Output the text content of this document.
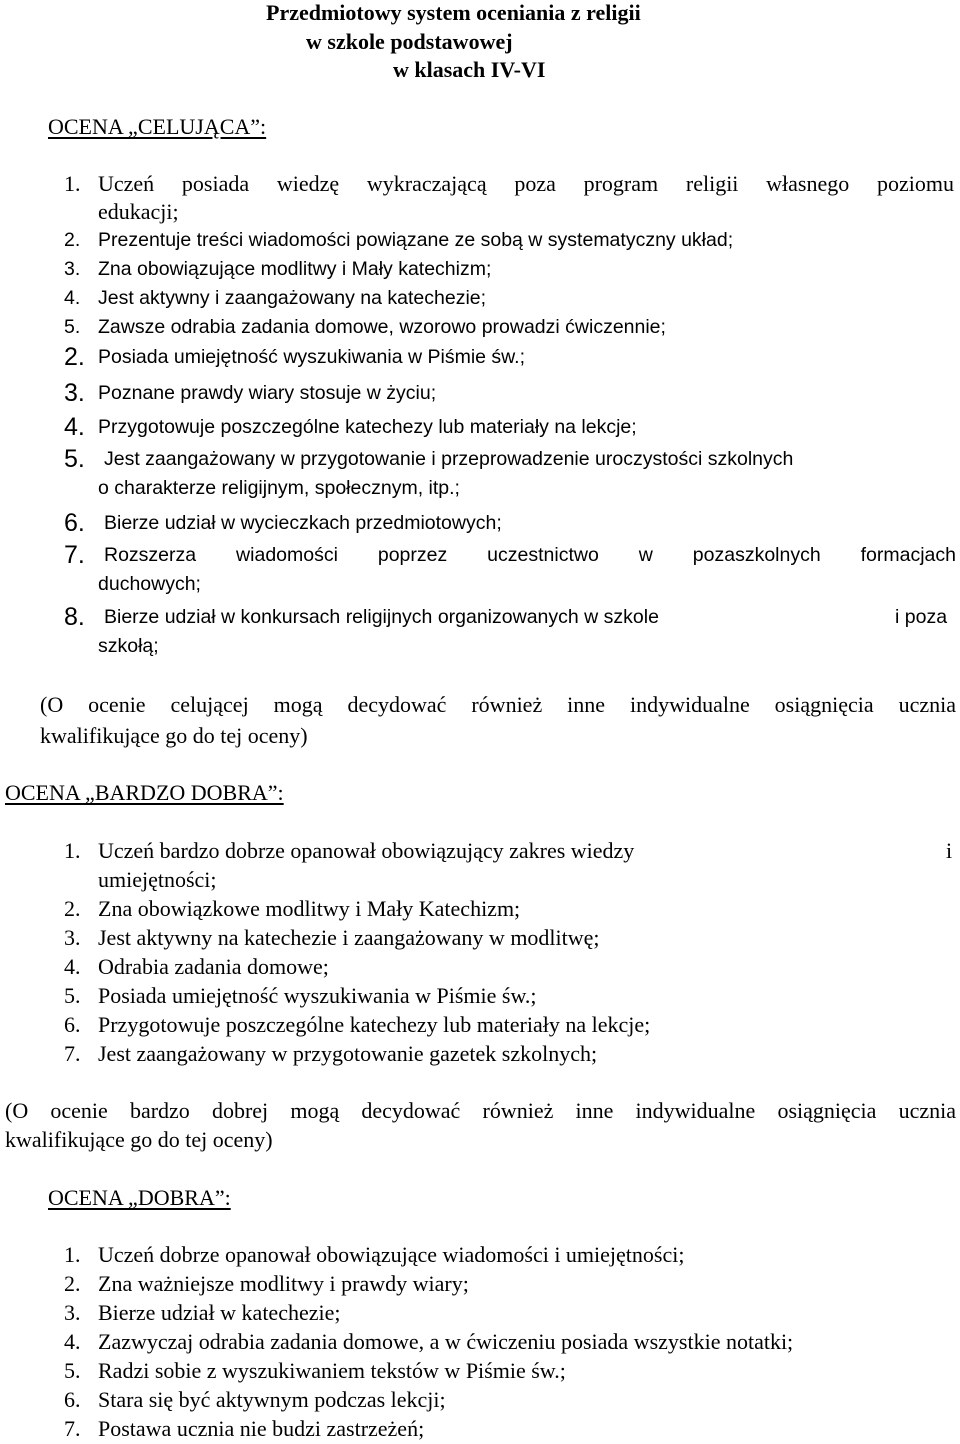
Przedmiotowy system oceniania z religii
w szkole podstawowej
w klasach IV-VI
OCENA „CELUJĄCA”:
1. Uczeń posiada wiedzę wykraczającą poza program religii własnego poziomu
edukacji;
2. Prezentuje treści wiadomości powiązane ze sobą w systematyczny układ;
3. Zna obowiązujące modlitwy i Mały katechizm;
4. Jest aktywny i zaangażowany na katechezie;
5. Zawsze odrabia zadania domowe, wzorowo prowadzi ćwiczennie;
2. Posiada umiejętność wyszukiwania w Piśmie św.;
3. Poznane prawdy wiary stosuje w życiu;
4. Przygotowuje poszczególne katechezy lub materiały na lekcje;
5. Jest zaangażowany w przygotowanie i przeprowadzenie uroczystości szkolnych
o charakterze religijnym, społecznym, itp.;
6. Bierze udział w wycieczkach przedmiotowych;
7. Rozszerza wiadomości poprzez uczestnictwo w pozaszkolnych formacjach
duchowych;
8. Bierze udział w konkursach religijnych organizowanych w szkole	i poza
szkołą;
(O ocenie celującej mogą decydować również inne indywidualne osiągnięcia ucznia
kwalifikujące go do tej oceny)
OCENA „BARDZO DOBRA”:
1. Uczeń bardzo dobrze opanował obowiązujący zakres wiedzy	i
umiejętności;
2. Zna obowiązkowe modlitwy i Mały Katechizm;
3. Jest aktywny na katechezie i zaangażowany w modlitwę;
4. Odrabia zadania domowe;
5. Posiada umiejętność wyszukiwania w Piśmie św.;
6. Przygotowuje poszczególne katechezy lub materiały na lekcje;
7. Jest zaangażowany w przygotowanie gazetek szkolnych;
(O ocenie bardzo dobrej mogą decydować również inne indywidualne osiągnięcia ucznia
kwalifikujące go do tej oceny)
OCENA „DOBRA”:
1. Uczeń dobrze opanował obowiązujące wiadomości i umiejętności;
2. Zna ważniejsze modlitwy i prawdy wiary;
3. Bierze udział w katechezie;
4. Zazwyczaj odrabia zadania domowe, a w ćwiczeniu posiada wszystkie notatki;
5. Radzi sobie z wyszukiwaniem tekstów w Piśmie św.;
6. Stara się być aktywnym podczas lekcji;
7. Postawa ucznia nie budzi zastrzeżeń;
